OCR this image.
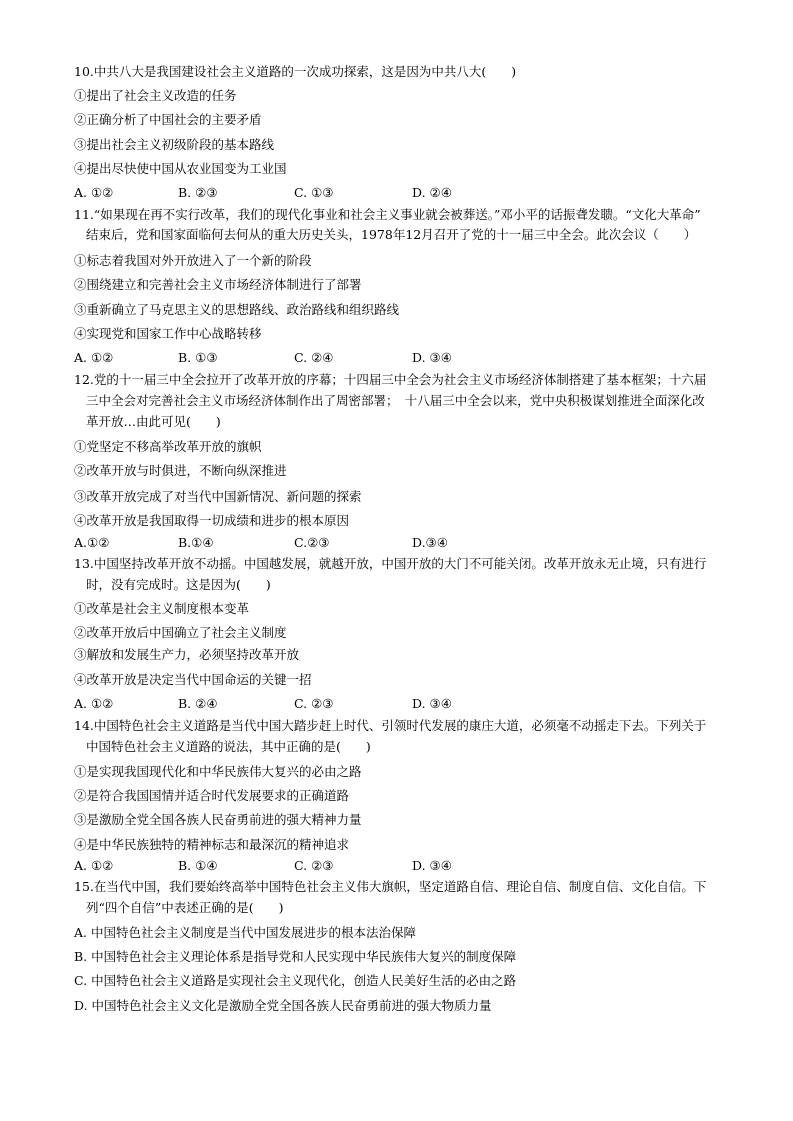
10.中共八大是我国建设社会主义道路的一次成功探索，这是因为中共八大(　　)
①提出了社会主义改造的任务
②正确分析了中国社会的主要矛盾
③提出社会主义初级阶段的基本路线
④提出尽快使中国从农业国变为工业国
A. ①②	B. ②③	C. ①③	D. ②④
11.“如果现在再不实行改革，我们的现代化事业和社会主义事业就会被葬送。”邓小平的话振聋发聩。“文化大革命”
结束后，党和国家面临何去何从的重大历史关头，1978年12月召开了党的十一届三中全会。此次会议（　　）
①标志着我国对外开放进入了一个新的阶段
②围绕建立和完善社会主义市场经济体制进行了部署
③重新确立了马克思主义的思想路线、政治路线和组织路线
④实现党和国家工作中心战略转移
A. ①②	B. ①③	C. ②④	D. ③④
12.党的十一届三中全会拉开了改革开放的序幕；十四届三中全会为社会主义市场经济体制搭建了基本框架；十六届
三中全会对完善社会主义市场经济体制作出了周密部署；　十八届三中全会以来，党中央积极谋划推进全面深化改
革开放…由此可见(　　)
①党坚定不移高举改革开放的旗帜
②改革开放与时俱进，不断向纵深推进
③改革开放完成了对当代中国新情况、新问题的探索
④改革开放是我国取得一切成绩和进步的根本原因
A.①②	B.①④	C.②③	D.③④
13.中国坚持改革开放不动摇。中国越发展，就越开放，中国开放的大门不可能关闭。改革开放永无止境，只有进行
时，没有完成时。这是因为(　　)
①改革是社会主义制度根本变革
②改革开放后中国确立了社会主义制度
③解放和发展生产力，必须坚持改革开放
④改革开放是决定当代中国命运的关键一招
A. ①②	B. ②④	C. ②③	D. ③④
14.中国特色社会主义道路是当代中国大踏步赶上时代、引领时代发展的康庄大道，必须毫不动摇走下去。下列关于
中国特色社会主义道路的说法，其中正确的是(　　)
①是实现我国现代化和中华民族伟大复兴的必由之路
②是符合我国国情并适合时代发展要求的正确道路
③是激励全党全国各族人民奋勇前进的强大精神力量
④是中华民族独特的精神标志和最深沉的精神追求
A. ①②	B. ①④	C. ②③	D. ③④
15.在当代中国，我们要始终高举中国特色社会主义伟大旗帜，坚定道路自信、理论自信、制度自信、文化自信。下
列“四个自信”中表述正确的是(　　)
A. 中国特色社会主义制度是当代中国发展进步的根本法治保障
B. 中国特色社会主义理论体系是指导党和人民实现中华民族伟大复兴的制度保障
C. 中国特色社会主义道路是实现社会主义现代化，创造人民美好生活的必由之路
D. 中国特色社会主义文化是激励全党全国各族人民奋勇前进的强大物质力量
